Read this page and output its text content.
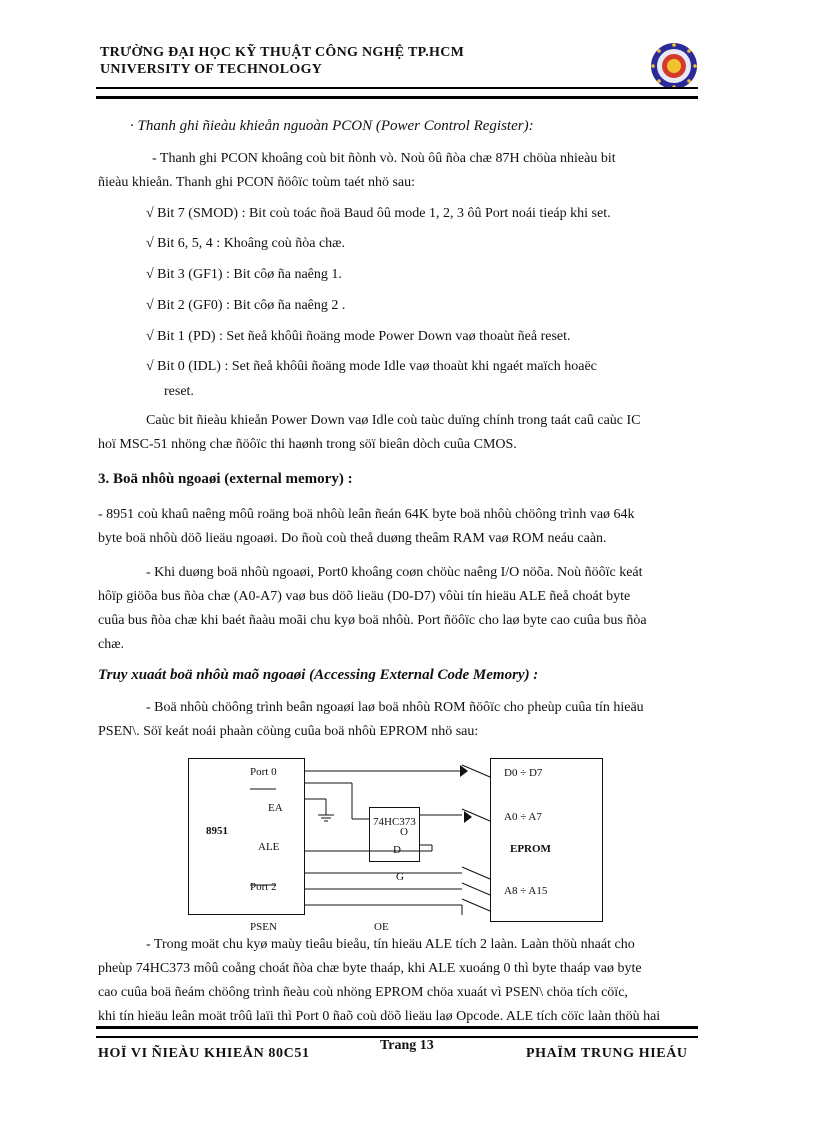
TRƯỜNG ĐẠI HỌC KỸ THUẬT CÔNG NGHỆ TP.HCM
UNIVERSITY OF TECHNOLOGY
· Thanh ghi ñieàu khieån nguoàn PCON (Power Control Register):
- Thanh ghi PCON khoâng coù bit ñònh vò. Noù ôû ñòa chæ 87H chöùa nhieàu bit
ñieàu khieån. Thanh ghi PCON ñöôïc toùm taét nhö sau:
√ Bit 7 (SMOD) : Bit coù toác ñoä Baud ôû mode 1, 2, 3 ôû Port noái tieáp khi set.
√ Bit 6, 5, 4 : Khoâng coù ñòa chæ.
√ Bit 3 (GF1) : Bit côø ña naêng 1.
√ Bit 2 (GF0) : Bit côø ña naêng 2 .
√ Bit 1 (PD) : Set ñeå khôûi ñoäng mode Power Down vaø thoaùt ñeå reset.
√ Bit 0 (IDL) : Set ñeå khôûi ñoäng mode Idle vaø thoaùt khi ngaét maïch hoaëc
reset.
Caùc bit ñieàu khieån Power Down vaø Idle coù taùc duïng chính trong taát caû caùc IC
hoï MSC-51 nhöng chæ ñöôïc thi haønh trong söï bieân dòch cuûa CMOS.
3. Boä nhôù ngoaøi (external memory) :
- 8951 coù khaû naêng môû roäng boä nhôù leân ñeán 64K byte boä nhôù chöông trình vaø 64k
byte boä nhôù döõ lieäu ngoaøi. Do ñoù coù theå duøng theâm RAM vaø ROM neáu caàn.
- Khi duøng boä nhôù ngoaøi, Port0 khoâng coøn chöùc naêng I/O nöõa. Noù ñöôïc keát
hôïp giöõa bus ñòa chæ (A0-A7) vaø bus döõ lieäu (D0-D7) vôùi tín hieäu ALE ñeå choát byte
cuûa bus ñòa chæ khi baét ñaàu moãi chu kyø boä nhôù. Port ñöôïc cho laø byte cao cuûa bus ñòa
chæ.
Truy xuaát boä nhôù maõ ngoaøi (Accessing External Code Memory) :
- Boä nhôù chöông trình beân ngoaøi laø boä nhôù ROM ñöôïc cho pheùp cuûa tín hieäu
PSEN\. Söï keát noái phaàn cöùng cuûa boä nhôù EPROM nhö sau:
Port 0
EA
8951
ALE
Port 2
PSEN
74HC373
O
D
G
D0 ÷ D7
A0 ÷ A7
EPROM
A8 ÷ A15
OE
- Trong moät chu kyø maùy tieâu bieåu, tín hieäu ALE tích 2 laàn. Laàn thöù nhaát cho
pheùp 74HC373 môû coång choát ñòa chæ byte thaáp, khi ALE xuoáng 0 thì byte thaáp vaø byte
cao cuûa boä ñeám chöông trình ñeàu coù nhöng EPROM chöa xuaát vì PSEN\ chöa tích cöïc,
khi tín hieäu leân moät trôû laïi thì Port 0 ñaõ coù döõ lieäu laø Opcode. ALE tích cöïc laàn thöù hai
HOÏ VI ÑIEÀU KHIEÅN 80C51
Trang 13
PHAÏM TRUNG HIEÁU
